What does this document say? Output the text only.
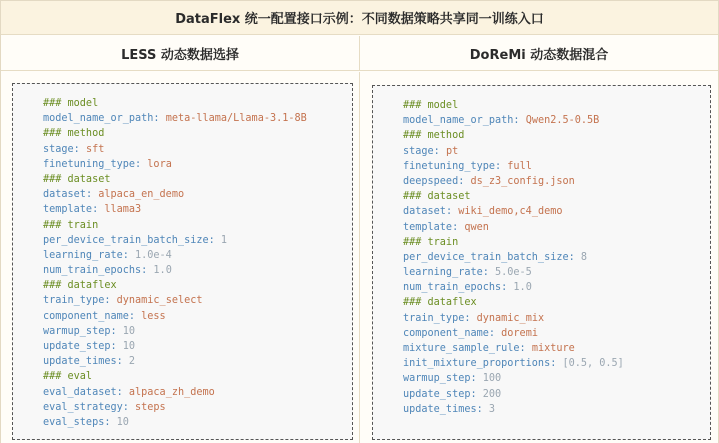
DataFlex 统一配置接口示例：不同数据策略共享同一训练入口
LESS 动态数据选择	DoReMi 动态数据混合
### model
model_name_or_path: meta-llama/Llama-3.1-8B
### method
stage: sft
finetuning_type: lora
### dataset
dataset: alpaca_en_demo
template: llama3
### train
per_device_train_batch_size: 1
learning_rate: 1.0e-4
num_train_epochs: 1.0
### dataflex
train_type: dynamic_select
component_name: less
warmup_step: 10
update_step: 10
update_times: 2
### eval
eval_dataset: alpaca_zh_demo
eval_strategy: steps
eval_steps: 10
### model
model_name_or_path: Qwen2.5-0.5B
### method
stage: pt
finetuning_type: full
deepspeed: ds_z3_config.json
### dataset
dataset: wiki_demo,c4_demo
template: qwen
### train
per_device_train_batch_size: 8
learning_rate: 5.0e-5
num_train_epochs: 1.0
### dataflex
train_type: dynamic_mix
component_name: doremi
mixture_sample_rule: mixture
init_mixture_proportions: [0.5, 0.5]
warmup_step: 100
update_step: 200
update_times: 3
